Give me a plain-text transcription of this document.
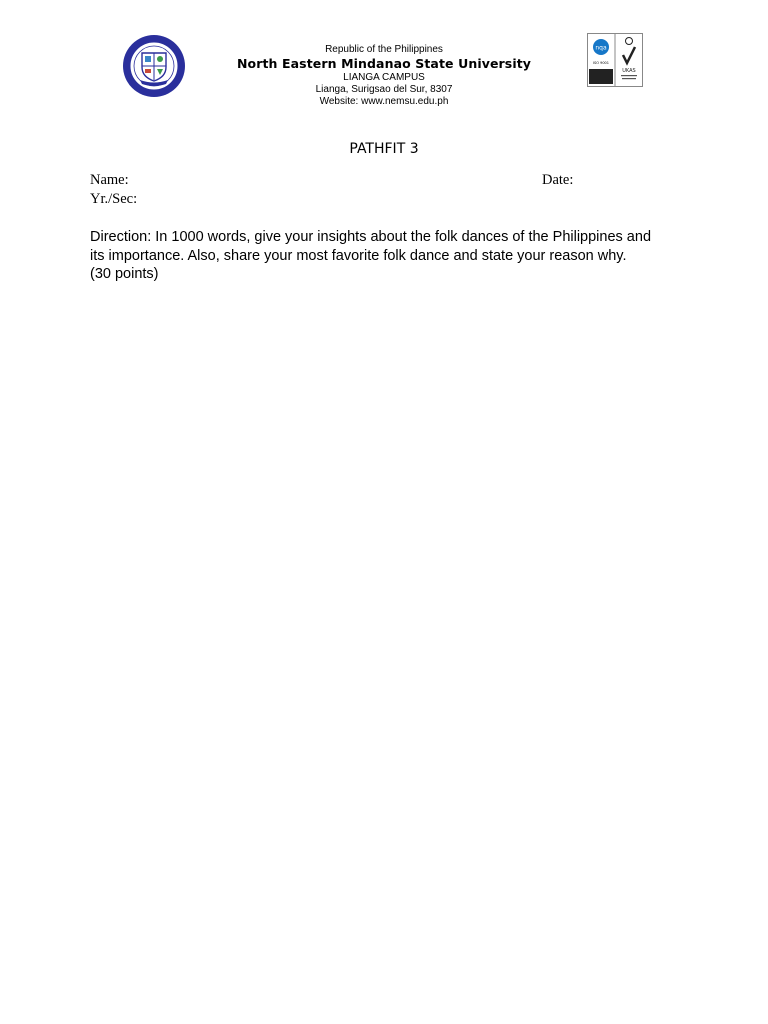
Republic of the Philippines
North Eastern Mindanao State University
LIANGA CAMPUS
Lianga, Surigsao del Sur, 8307
Website: www.nemsu.edu.ph
nqa
ISO 9001
UKAS
PATHFIT 3
Name:	Date:
Yr./Sec:
Direction: In 1000 words, give your insights about the folk dances of the Philippines and
its importance. Also, share your most favorite folk dance and state your reason why.
(30 points)
